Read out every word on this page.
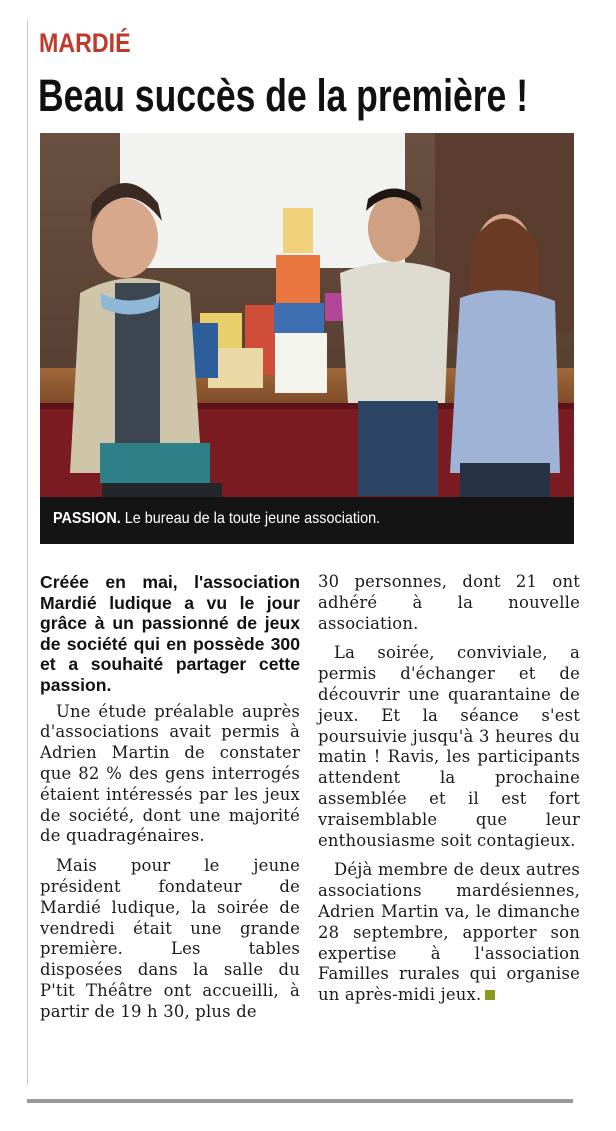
MARDIÉ
Beau succès de la première !
PASSION. Le bureau de la toute jeune association.

Créée en mai, l'association Mardié ludique a vu le jour grâce à un passionné de jeux de société qui en possède 300 et a souhaité partager cette passion.

Une étude préalable auprès d'associations avait permis à Adrien Martin de constater que 82 % des gens interrogés étaient intéressés par les jeux de société, dont une majorité de quadragénaires.

Mais pour le jeune président fondateur de Mardié ludique, la soirée de vendredi était une grande première. Les tables disposées dans la salle du P'tit Théâtre ont accueilli, à partir de 19 h 30, plus de

30 personnes, dont 21 ont adhéré à la nouvelle association.

La soirée, conviviale, a permis d'échanger et de découvrir une quarantaine de jeux. Et la séance s'est poursuivie jusqu'à 3 heures du matin ! Ravis, les participants attendent la prochaine assemblée et il est fort vraisemblable que leur enthousiasme soit contagieux.

Déjà membre de deux autres associations mardésiennes, Adrien Martin va, le dimanche 28 septembre, apporter son expertise à l'association Familles rurales qui organise un après-midi jeux.
